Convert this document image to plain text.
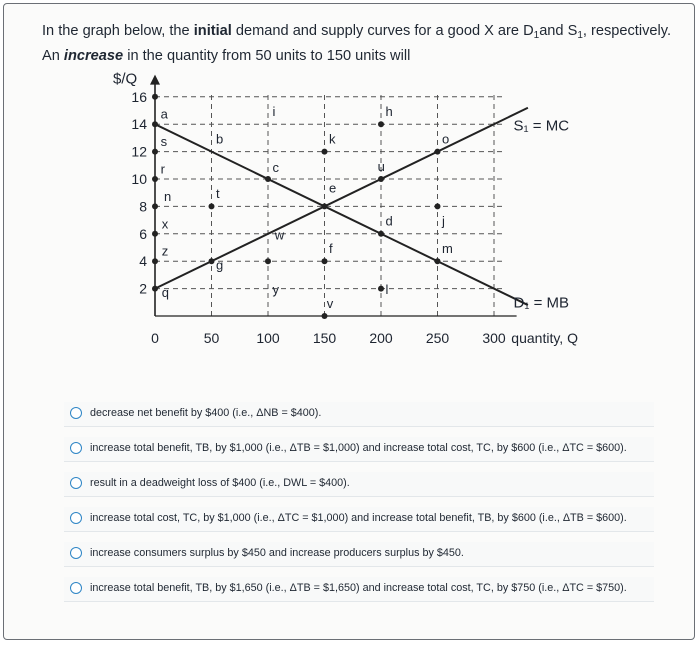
In the graph below, the initial demand and supply curves for a good X are $D_1and$ $S_1$, respectively.

An increase in the quantity from 50 units to 150 units will

2
4
6
8
10
12
14
16
0	50	100 150 200 250 300
$/Q
quantity, Q
S₁ = MC
D₁ = MB
a
s
r
n
x
z
q
b
t
g
i
c
w
y
k
e
f
v
h
u
d
l
o
j
m
decrease net benefit by $400 (i.e., ΔNB = $400).
increase total benefit, TB, by $1,000 (i.e., ΔTB = $1,000) and increase total cost, TC, by $600 (i.e., ΔTC = $600).
result in a deadweight loss of $400 (i.e., DWL = $400).
increase total cost, TC, by $1,000 (i.e., ΔTC = $1,000) and increase total benefit, TB, by $600 (i.e., ΔTB = $600).
increase consumers surplus by $450 and increase producers surplus by $450.
increase total benefit, TB, by $1,650 (i.e., ΔTB = $1,650) and increase total cost, TC, by $750 (i.e., ΔTC = $750).
